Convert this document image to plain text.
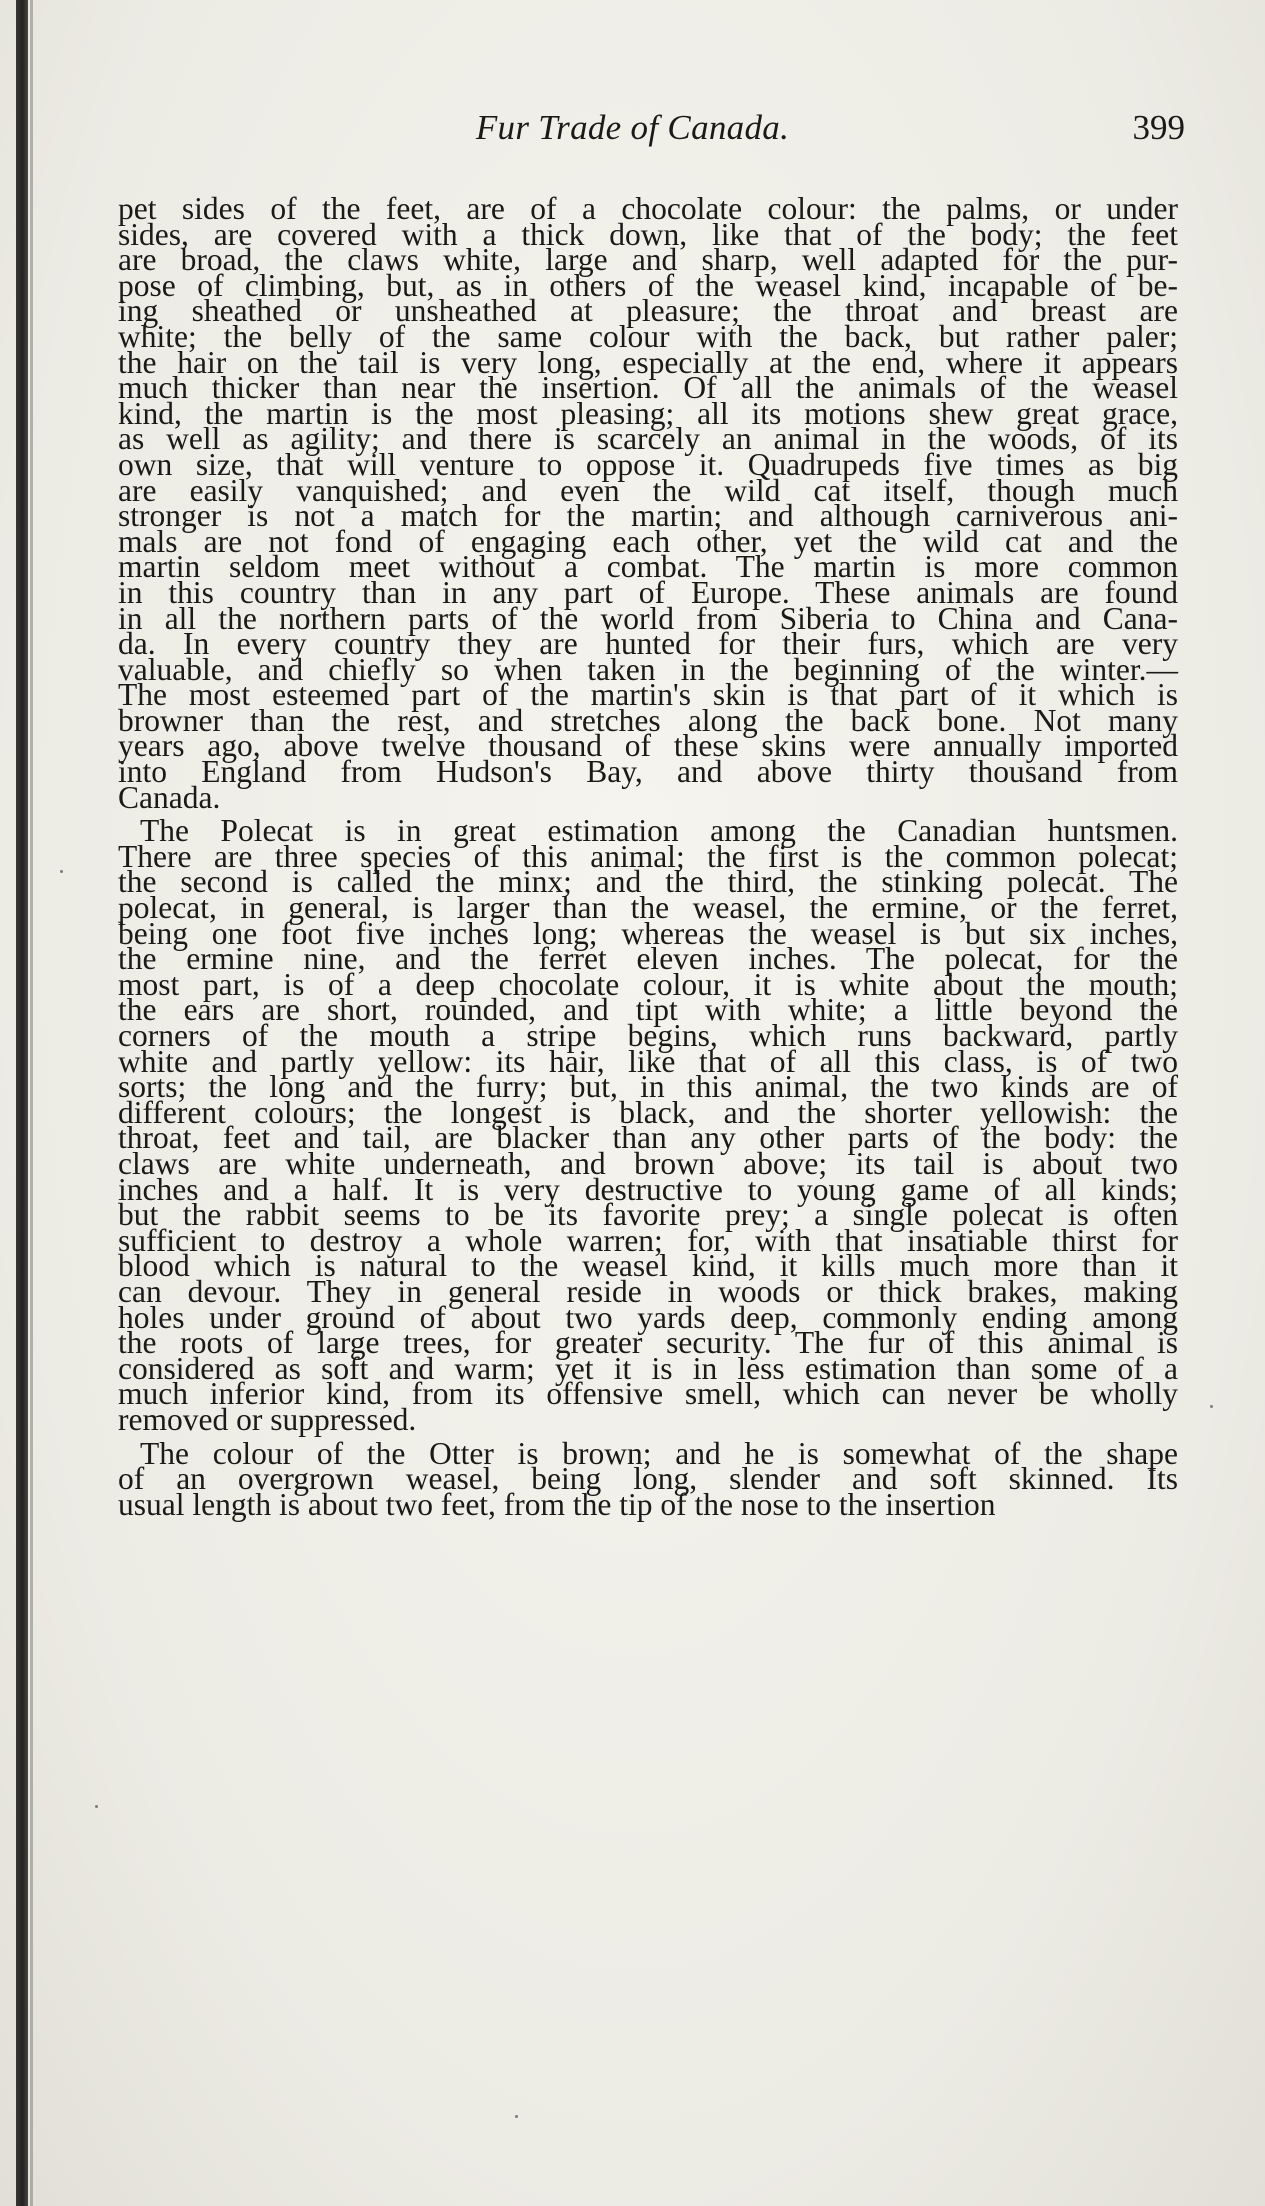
Fur Trade of Canada.	399
pet sides of the feet, are of a chocolate colour: the palms, or under
sides, are covered with a thick down, like that of the body; the feet
are broad, the claws white, large and sharp, well adapted for the pur-
pose of climbing, but, as in others of the weasel kind, incapable of be-
ing sheathed or unsheathed at pleasure; the throat and breast are
white; the belly of the same colour with the back, but rather paler;
the hair on the tail is very long, especially at the end, where it appears
much thicker than near the insertion. Of all the animals of the weasel
kind, the martin is the most pleasing; all its motions shew great grace,
as well as agility; and there is scarcely an animal in the woods, of its
own size, that will venture to oppose it. Quadrupeds five times as big
are easily vanquished; and even the wild cat itself, though much
stronger is not a match for the martin; and although carniverous ani-
mals are not fond of engaging each other, yet the wild cat and the
martin seldom meet without a combat. The martin is more common
in this country than in any part of Europe. These animals are found
in all the northern parts of the world from Siberia to China and Cana-
da. In every country they are hunted for their furs, which are very
valuable, and chiefly so when taken in the beginning of the winter.—
The most esteemed part of the martin's skin is that part of it which is
browner than the rest, and stretches along the back bone. Not many
years ago, above twelve thousand of these skins were annually imported
into England from Hudson's Bay, and above thirty thousand from
Canada.
The Polecat is in great estimation among the Canadian huntsmen.
There are three species of this animal; the first is the common polecat;
the second is called the minx; and the third, the stinking polecat. The
polecat, in general, is larger than the weasel, the ermine, or the ferret,
being one foot five inches long; whereas the weasel is but six inches,
the ermine nine, and the ferret eleven inches. The polecat, for the
most part, is of a deep chocolate colour, it is white about the mouth;
the ears are short, rounded, and tipt with white; a little beyond the
corners of the mouth a stripe begins, which runs backward, partly
white and partly yellow: its hair, like that of all this class, is of two
sorts; the long and the furry; but, in this animal, the two kinds are of
different colours; the longest is black, and the shorter yellowish: the
throat, feet and tail, are blacker than any other parts of the body: the
claws are white underneath, and brown above; its tail is about two
inches and a half. It is very destructive to young game of all kinds;
but the rabbit seems to be its favorite prey; a single polecat is often
sufficient to destroy a whole warren; for, with that insatiable thirst for
blood which is natural to the weasel kind, it kills much more than it
can devour. They in general reside in woods or thick brakes, making
holes under ground of about two yards deep, commonly ending among
the roots of large trees, for greater security. The fur of this animal is
considered as soft and warm; yet it is in less estimation than some of a
much inferior kind, from its offensive smell, which can never be wholly
removed or suppressed.
The colour of the Otter is brown; and he is somewhat of the shape
of an overgrown weasel, being long, slender and soft skinned. Its
usual length is about two feet, from the tip of the nose to the insertion
